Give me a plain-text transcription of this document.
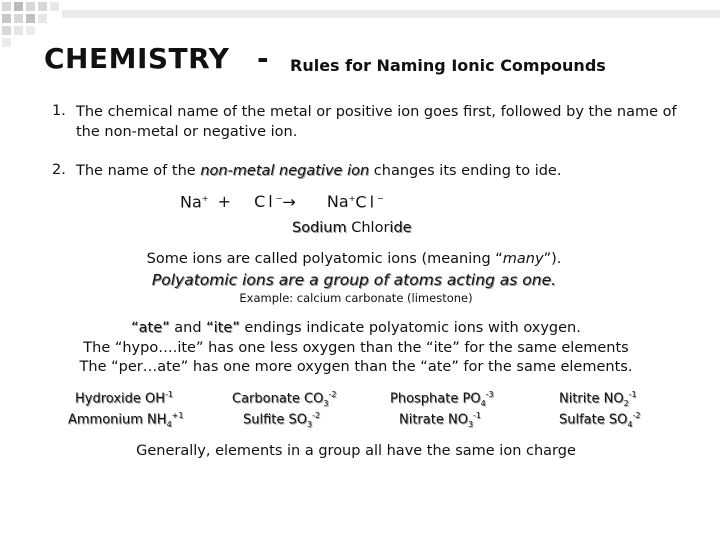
CHEMISTRY - Rules for Naming Ionic Compounds
1. The chemical name of the metal or positive ion goes first, followed by the name of
the non-metal or negative ion.
2. The name of the non-metal negative ion changes its ending to ide.
Na+ + Cl−→ Na+Cl−
Sodium Chloride
Some ions are called polyatomic ions (meaning “many”).
Polyatomic ions are a group of atoms acting as one.
Example: calcium carbonate (limestone)
“ate” and “ite” endings indicate polyatomic ions with oxygen.
The “hypo….ite” has one less oxygen than the “ite” for the same elements
The “per…ate” has one more oxygen than the “ate” for the same elements.
Hydroxide $OH^{-1}$	Carbonate $CO_3^{-2}$	Phosphate $PO_4^{-3}$	Nitrite $NO_2^{-1}$
Ammonium $NH_4^{+1}$	Sulfite $SO_3^{-2}$	Nitrate $NO_3^{-1}$	Sulfate $SO_4^{-2}$
Generally, elements in a group all have the same ion charge
